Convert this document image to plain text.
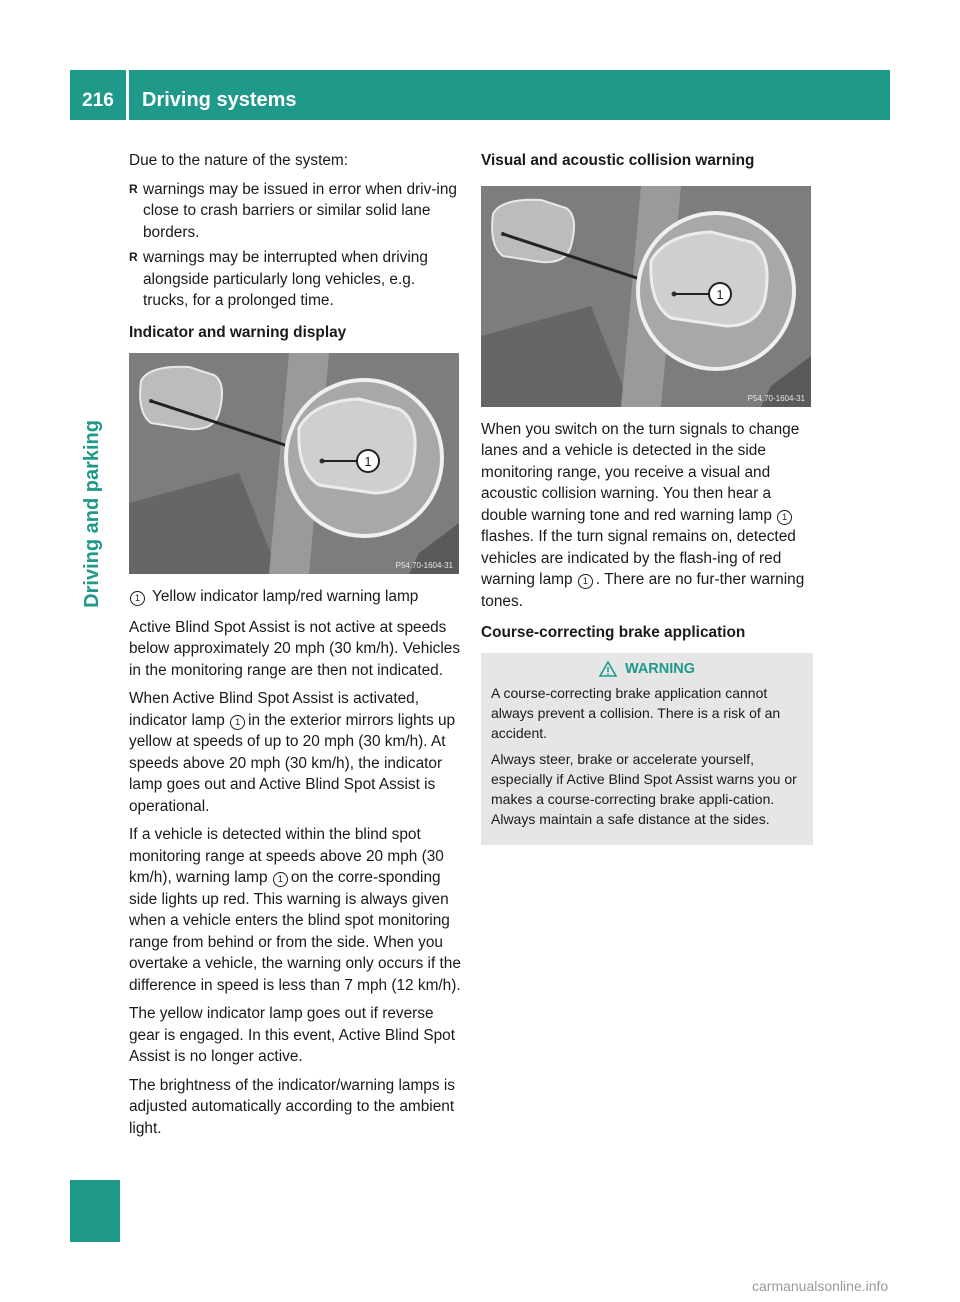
216	Driving systems
Driving and parking

Due to the nature of the system:

R warnings may be issued in error when driv-ing close to crash barriers or similar solid lane borders.
R warnings may be interrupted when driving alongside particularly long vehicles, e.g. trucks, for a prolonged time.
Indicator and warning display
1
P54.70-1604-31

1 Yellow indicator lamp/red warning lamp

Active Blind Spot Assist is not active at speeds below approximately 20 mph (30 km/h). Vehicles in the monitoring range are then not indicated.

When Active Blind Spot Assist is activated, indicator lamp 1 in the exterior mirrors lights up yellow at speeds of up to 20 mph (30 km/h). At speeds above 20 mph (30 km/h), the indicator lamp goes out and Active Blind Spot Assist is operational.

If a vehicle is detected within the blind spot monitoring range at speeds above 20 mph (30 km/h), warning lamp 1 on the corre-sponding side lights up red. This warning is always given when a vehicle enters the blind spot monitoring range from behind or from the side. When you overtake a vehicle, the warning only occurs if the difference in speed is less than 7 mph (12 km/h).

The yellow indicator lamp goes out if reverse gear is engaged. In this event, Active Blind Spot Assist is no longer active.

The brightness of the indicator/warning lamps is adjusted automatically according to the ambient light.

Visual and acoustic collision warning
1
P54.70-1604-31

When you switch on the turn signals to change lanes and a vehicle is detected in the side monitoring range, you receive a visual and acoustic collision warning. You then hear a double warning tone and red warning lamp 1flashes. If the turn signal remains on, detected vehicles are indicated by the flash-ing of red warning lamp 1 . There are no fur-ther warning tones.

Course-correcting brake application
WARNING

A course-correcting brake application cannot always prevent a collision. There is a risk of an accident.

Always steer, brake or accelerate yourself, especially if Active Blind Spot Assist warns you or makes a course-correcting brake appli-cation. Always maintain a safe distance at the sides.

carmanualsonline.info
